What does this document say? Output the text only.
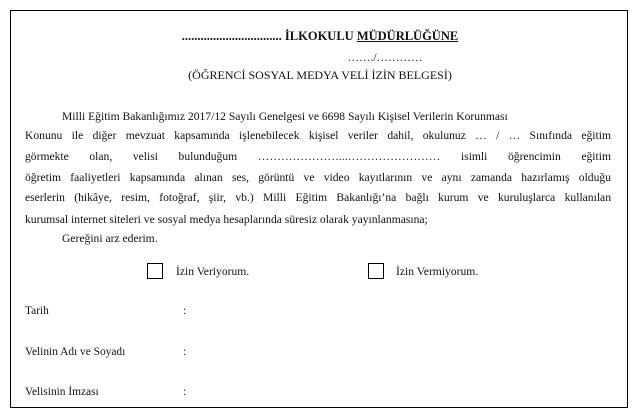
................................ İLKOKULU MÜDÜRLÜĞÜNE
……./…………
(ÖĞRENCİ SOSYAL MEDYA VELİ İZİN BELGESİ)
Milli Eğitim Bakanlığımız 2017/12 Sayılı Genelgesi ve 6698 Sayılı Kişisel Verilerin Korunması
Konunu ile diğer mevzuat kapsamında işlenebilecek kişisel veriler dahil, okulunuz … / … Sınıfında eğitim
görmekte olan, velisi bulunduğum …………………...…………………… isimli öğrencimin eğitim
öğretim faaliyetleri kapsamında alınan ses, görüntü ve video kayıtlarının ve aynı zamanda hazırlamış olduğu
eserlerin (hikâye, resim, fotoğraf, şiir, vb.) Milli Eğitim Bakanlığı’na bağlı kurum ve kuruluşlarca kullanılan
kurumsal internet siteleri ve sosyal medya hesaplarında süresiz olarak yayınlanmasına;
Gereğini arz ederim.
İzin Veriyorum.	İzin Vermiyorum.
Tarih	:
Velinin Adı ve Soyadı	:
Velisinin İmzası	:
